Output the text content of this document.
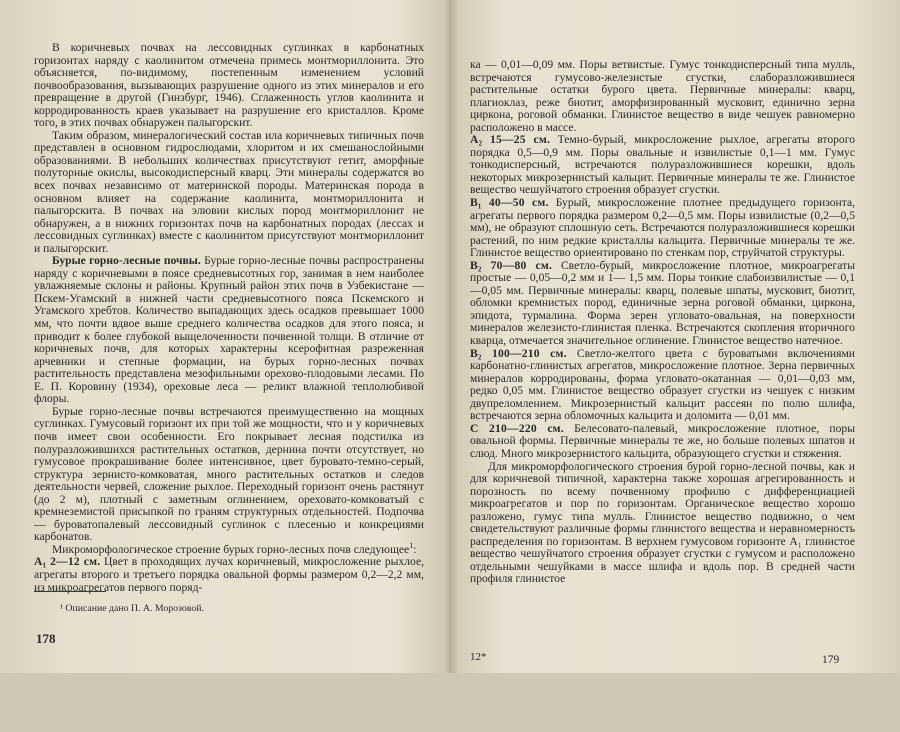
В коричневых почвах на лессовидных суглинках в карбонатных горизонтах наряду с каолинитом отмечена примесь монтмориллонита. Это объясняется, по-видимому, постепенным изменением условий почвообразования, вызывающих разрушение одного из этих минералов и его превращение в другой (Гинзбург, 1946). Сглаженность углов каолинита и корродированность краев указывает на разрушение его кристаллов. Кроме того, в этих почвах обнаружен палыгорскит.

Таким образом, минералогический состав ила коричневых типичных почв представлен в основном гидрослюдами, хлоритом и их смешанослойными образованиями. В небольших количествах присутствуют гетит, аморфные полуторные окислы, высокодисперсный кварц. Эти минералы содержатся во всех почвах независимо от материнской породы. Материнская порода в основном влияет на содержание каолинита, монтмориллонита и палыгорскита. В почвах на элювии кислых пород монтмориллонит не обнаружен, а в нижних горизонтах почв на карбонатных породах (лессах и лессовидных суглинках) вместе с каолинитом присутствуют монтмориллонит и палыгорскит.

Бурые горно-лесные почвы. Бурые горно-лесные почвы распространены наряду с коричневыми в поясе средневысотных гор, занимая в нем наиболее увлажняемые склоны и районы. Крупный район этих почв в Узбекистане — Пскем-Угамский в нижней части средневысотного пояса Пскемского и Угамского хребтов. Количество выпадающих здесь осадков превышает 1000 мм, что почти вдвое выше среднего количества осадков для этого пояса, и приводит к более глубокой выщелоченности почвенной толщи. В отличие от коричневых почв, для которых характерны ксерофитная разреженная арчевники и степные формации, на бурых горно-лесных почвах растительность представлена мезофильными орехово-плодовыми лесами. По Е. П. Коровину (1934), ореховые леса — реликт влажной теплолюбивой флоры.

Бурые горно-лесные почвы встречаются преимущественно на мощных суглинках. Гумусовый горизонт их при той же мощности, что и у коричневых почв имеет свои особенности. Его покрывает лесная подстилка из полуразложившихся растительных остатков, дернина почти отсутствует, но гумусовое прокрашивание более интенсивное, цвет буровато-темно-серый, структура зернисто-комковатая, много растительных остатков и следов деятельности червей, сложение рыхлое. Переходный горизонт очень растянут (до 2 м), плотный с заметным оглинением, ореховато-комковатый с кремнеземистой присыпкой по граням структурных отдельностей. Подпочва — буроватопалевый лессовидный суглинок с плесенью и конкрециями карбонатов.

Микроморфологическое строение бурых горно-лесных почв следующее$^1$:

A₁ 2—12 см. Цвет в проходящих лучах коричневый, микросложение рыхлое, агрегаты второго и третьего порядка овальной формы размером 0,2—2,2 мм, из микроагрегатов первого поряд-

¹ Описание дано П. А. Морозовой.
178

ка — 0,01—0,09 мм. Поры ветвистые. Гумус тонкодисперсный типа мулль, встречаются гумусово-железистые сгустки, слаборазложившиеся растительные остатки бурого цвета. Первичные минералы: кварц, плагиоклаз, реже биотит, аморфизированный мусковит, единично зерна циркона, роговой обманки. Глинистое вещество в виде чешуек равномерно расположено в массе.

A₂ 15—25 см. Темно-бурый, микросложение рыхлое, агрегаты второго порядка 0,5—0,9 мм. Поры овальные и извилистые 0,1—1 мм. Гумус тонкодисперсный, встречаются полуразложившиеся корешки, вдоль некоторых микрозернистый кальцит. Первичные минералы те же. Глинистое вещество чешуйчатого строения образует сгустки.

B₁ 40—50 см. Бурый, микросложение плотнее предыдущего горизонта, агрегаты первого порядка размером 0,2—0,5 мм. Поры извилистые (0,2—0,5 мм), не образуют сплошную сеть. Встречаются полуразложившиеся корешки растений, по ним редкие кристаллы кальцита. Первичные минералы те же. Глинистое вещество ориентировано по стенкам пор, струйчатой структуры.

B₂ 70—80 см. Светло-бурый, микросложение плотное, микроагрегаты простые — 0,05—0,2 мм и 1— 1,5 мм. Поры тонкие слабоизвилистые — 0,1—0,05 мм. Первичные минералы: кварц, полевые шпаты, мусковит, биотит, обломки кремнистых пород, единичные зерна роговой обманки, циркона, эпидота, турмалина. Форма зерен угловато-овальная, на поверхности минералов железисто-глинистая пленка. Встречаются скопления вторичного кварца, отмечается значительное оглинение. Глинистое вещество натечное.

B₂ 100—210 см. Светло-желтого цвета с буроватыми включениями карбонатно-глинистых агрегатов, микросложение плотное. Зерна первичных минералов корродированы, форма угловато-окатанная — 0,01—0,03 мм, редко 0,05 мм. Глинистое вещество образует сгустки из чешуек с низким двупреломлением. Микрозернистый кальцит рассеян по полю шлифа, встречаются зерна обломочных кальцита и доломита — 0,01 мм.

C 210—220 см. Белесовато-палевый, микросложение плотное, поры овальной формы. Первичные минералы те же, но больше полевых шпатов и слюд. Много микрозернистого кальцита, образующего сгустки и стяжения.

Для микроморфологического строения бурой горно-лесной почвы, как и для коричневой типичной, характерна также хорошая агрегированность и порозность по всему почвенному профилю с дифференциацией микроагрегатов и пор по горизонтам. Органическое вещество хорошо разложено, гумус типа мулль. Глинистое вещество подвижно, о чем свидетельствуют различные формы глинистого вещества и неравномерность распределения по горизонтам. В верхнем гумусовом горизонте A₁ глинистое вещество чешуйчатого строения образует сгустки с гумусом и расположено отдельными чешуйками в массе шлифа и вдоль пор. В средней части профиля глинистое

12*	179
